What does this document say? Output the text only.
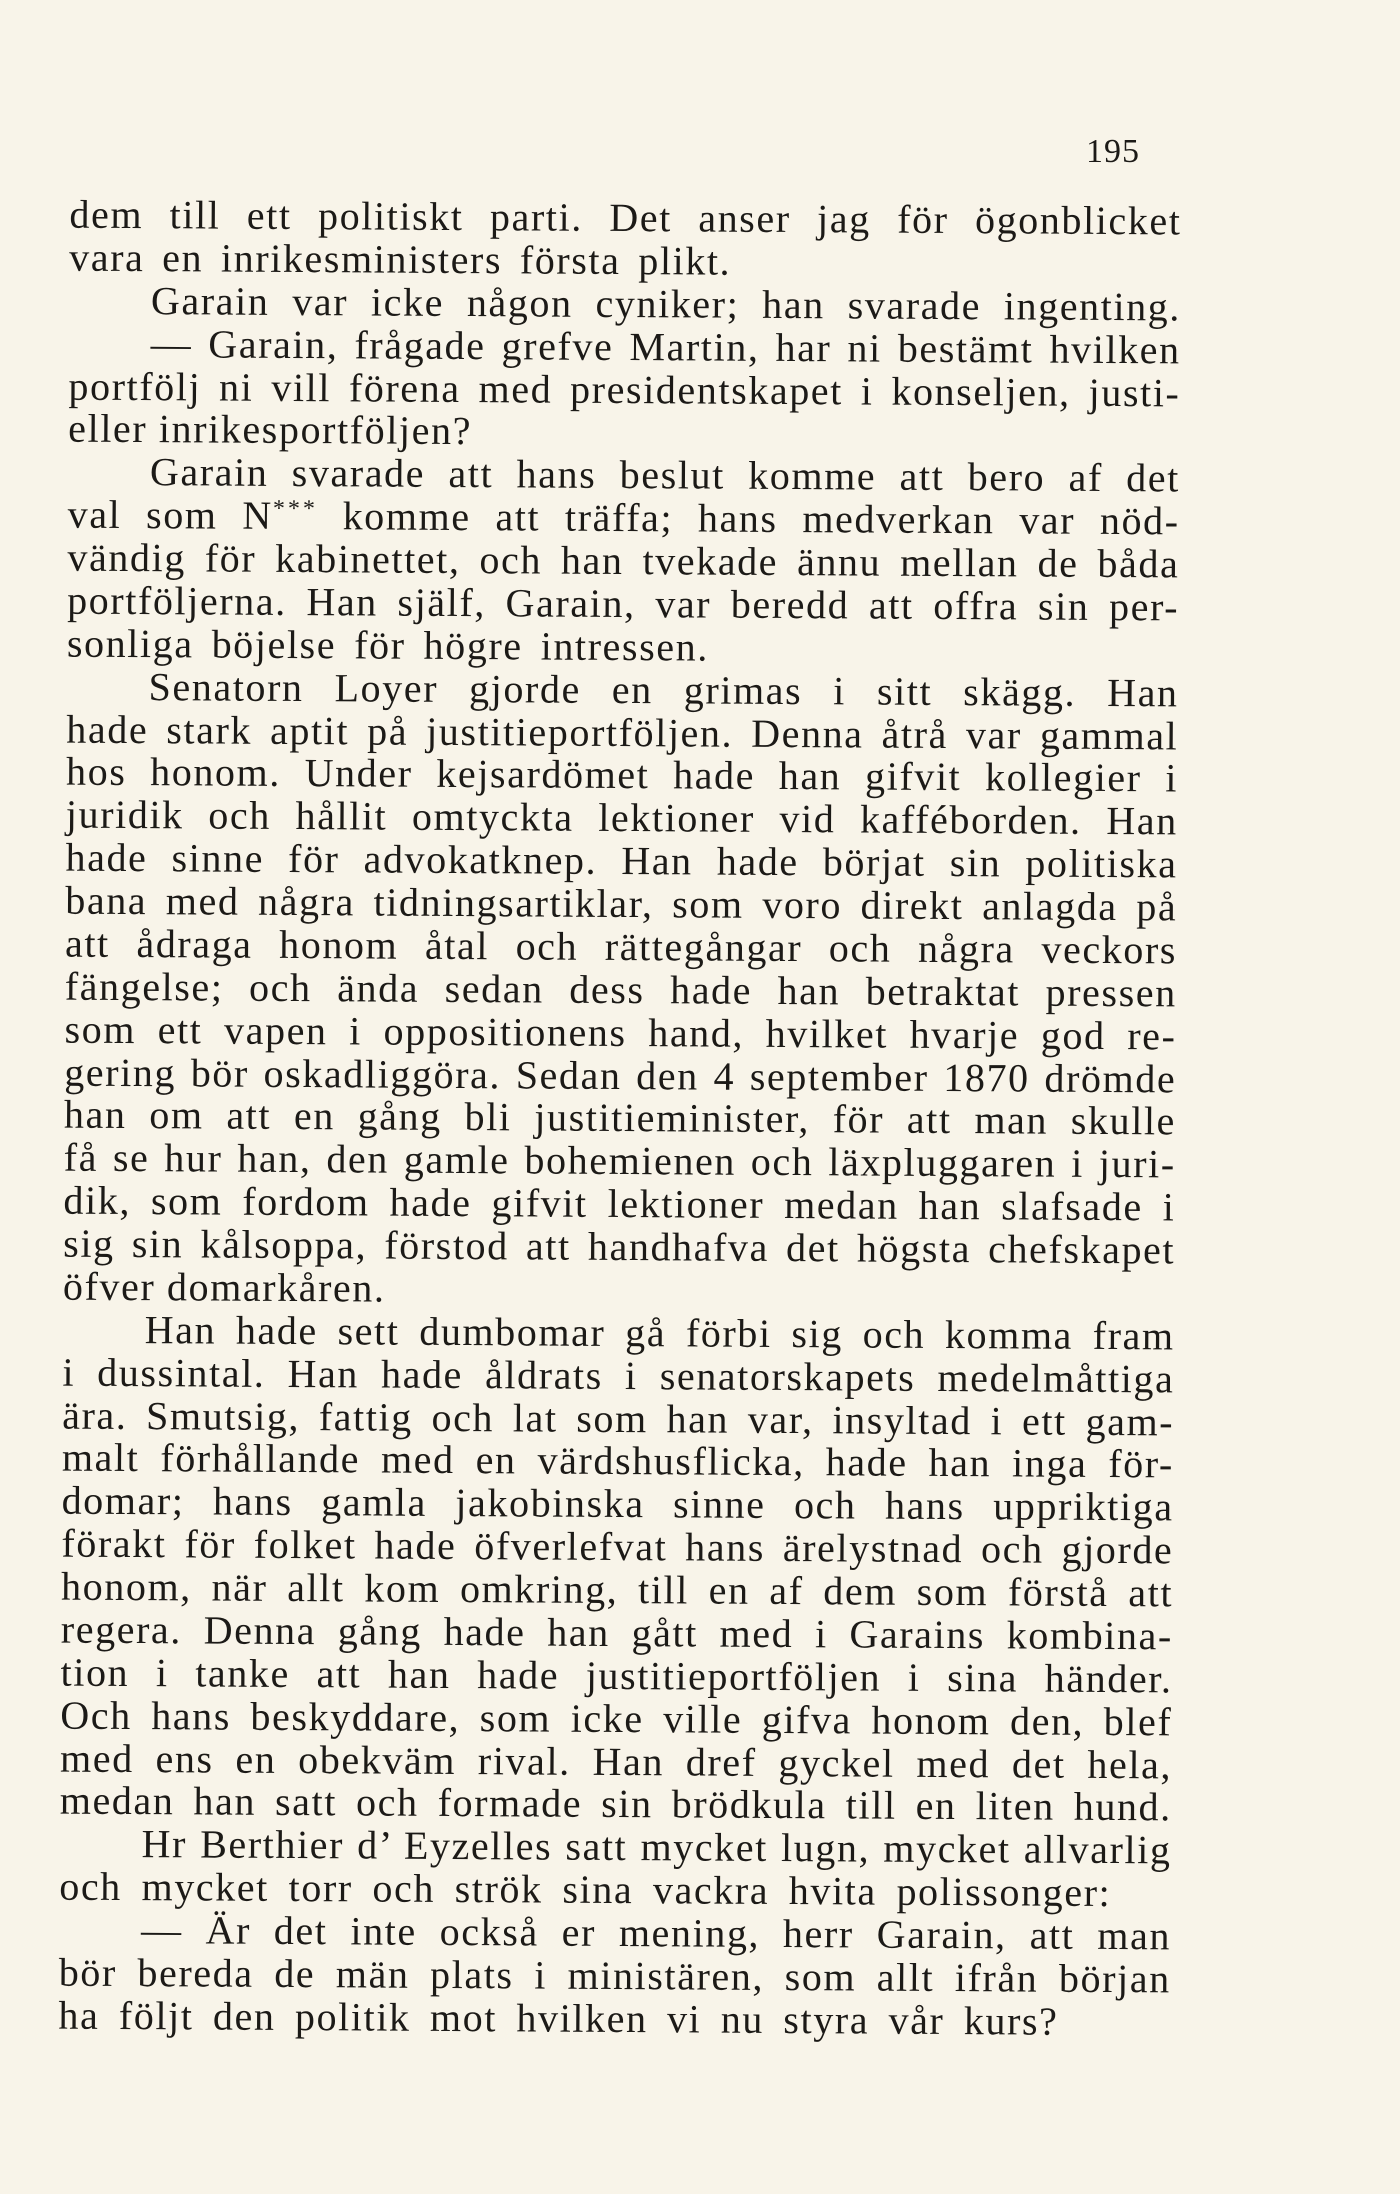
195
dem till ett politiskt parti. Det anser jag för ögonblicket
vara en inrikesministers första plikt.
Garain var icke någon cyniker; han svarade ingenting.
— Garain, frågade grefve Martin, har ni bestämt hvilken
portfölj ni vill förena med presidentskapet i konseljen, justi-
eller inrikesportföljen?
Garain svarade att hans beslut komme att bero af det
val som N*** komme att träffa; hans medverkan var nöd-
vändig för kabinettet, och han tvekade ännu mellan de båda
portföljerna. Han själf, Garain, var beredd att offra sin per-
sonliga böjelse för högre intressen.
Senatorn Loyer gjorde en grimas i sitt skägg. Han
hade stark aptit på justitieportföljen. Denna åtrå var gammal
hos honom. Under kejsardömet hade han gifvit kollegier i
juridik och hållit omtyckta lektioner vid kafféborden. Han
hade sinne för advokatknep. Han hade börjat sin politiska
bana med några tidningsartiklar, som voro direkt anlagda på
att ådraga honom åtal och rättegångar och några veckors
fängelse; och ända sedan dess hade han betraktat pressen
som ett vapen i oppositionens hand, hvilket hvarje god re-
gering bör oskadliggöra. Sedan den 4 september 1870 drömde
han om att en gång bli justitieminister, för att man skulle
få se hur han, den gamle bohemienen och läxpluggaren i juri-
dik, som fordom hade gifvit lektioner medan han slafsade i
sig sin kålsoppa, förstod att handhafva det högsta chefskapet
öfver domarkåren.
Han hade sett dumbomar gå förbi sig och komma fram
i dussintal. Han hade åldrats i senatorskapets medelmåttiga
ära. Smutsig, fattig och lat som han var, insyltad i ett gam-
malt förhållande med en värdshusflicka, hade han inga för-
domar; hans gamla jakobinska sinne och hans uppriktiga
förakt för folket hade öfverlefvat hans ärelystnad och gjorde
honom, när allt kom omkring, till en af dem som förstå att
regera. Denna gång hade han gått med i Garains kombina-
tion i tanke att han hade justitieportföljen i sina händer.
Och hans beskyddare, som icke ville gifva honom den, blef
med ens en obekväm rival. Han dref gyckel med det hela,
medan han satt och formade sin brödkula till en liten hund.
Hr Berthier d’ Eyzelles satt mycket lugn, mycket allvarlig
och mycket torr och strök sina vackra hvita polissonger:
— Är det inte också er mening, herr Garain, att man
bör bereda de män plats i ministären, som allt ifrån början
ha följt den politik mot hvilken vi nu styra vår kurs?
